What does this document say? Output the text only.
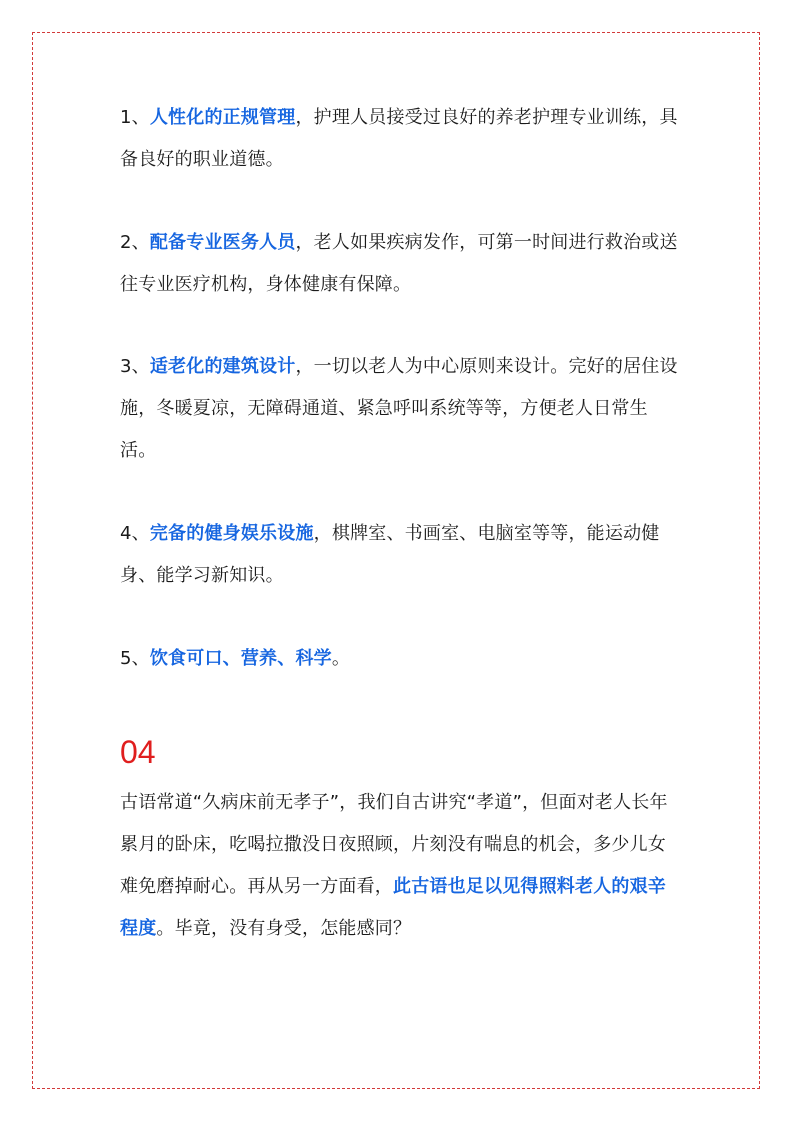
1、人性化的正规管理，护理人员接受过良好的养老护理专业训练，具备良好的职业道德。

2、配备专业医务人员，老人如果疾病发作，可第一时间进行救治或送往专业医疗机构，身体健康有保障。

3、适老化的建筑设计，一切以老人为中心原则来设计。完好的居住设施，冬暖夏凉，无障碍通道、紧急呼叫系统等等，方便老人日常生活。

4、完备的健身娱乐设施，棋牌室、书画室、电脑室等等，能运动健身、能学习新知识。

5、饮食可口、营养、科学。

04

古语常道“久病床前无孝子”，我们自古讲究“孝道”，但面对老人长年累月的卧床，吃喝拉撒没日夜照顾，片刻没有喘息的机会，多少儿女难免磨掉耐心。再从另一方面看，此古语也足以见得照料老人的艰辛程度。毕竟，没有身受，怎能感同？
